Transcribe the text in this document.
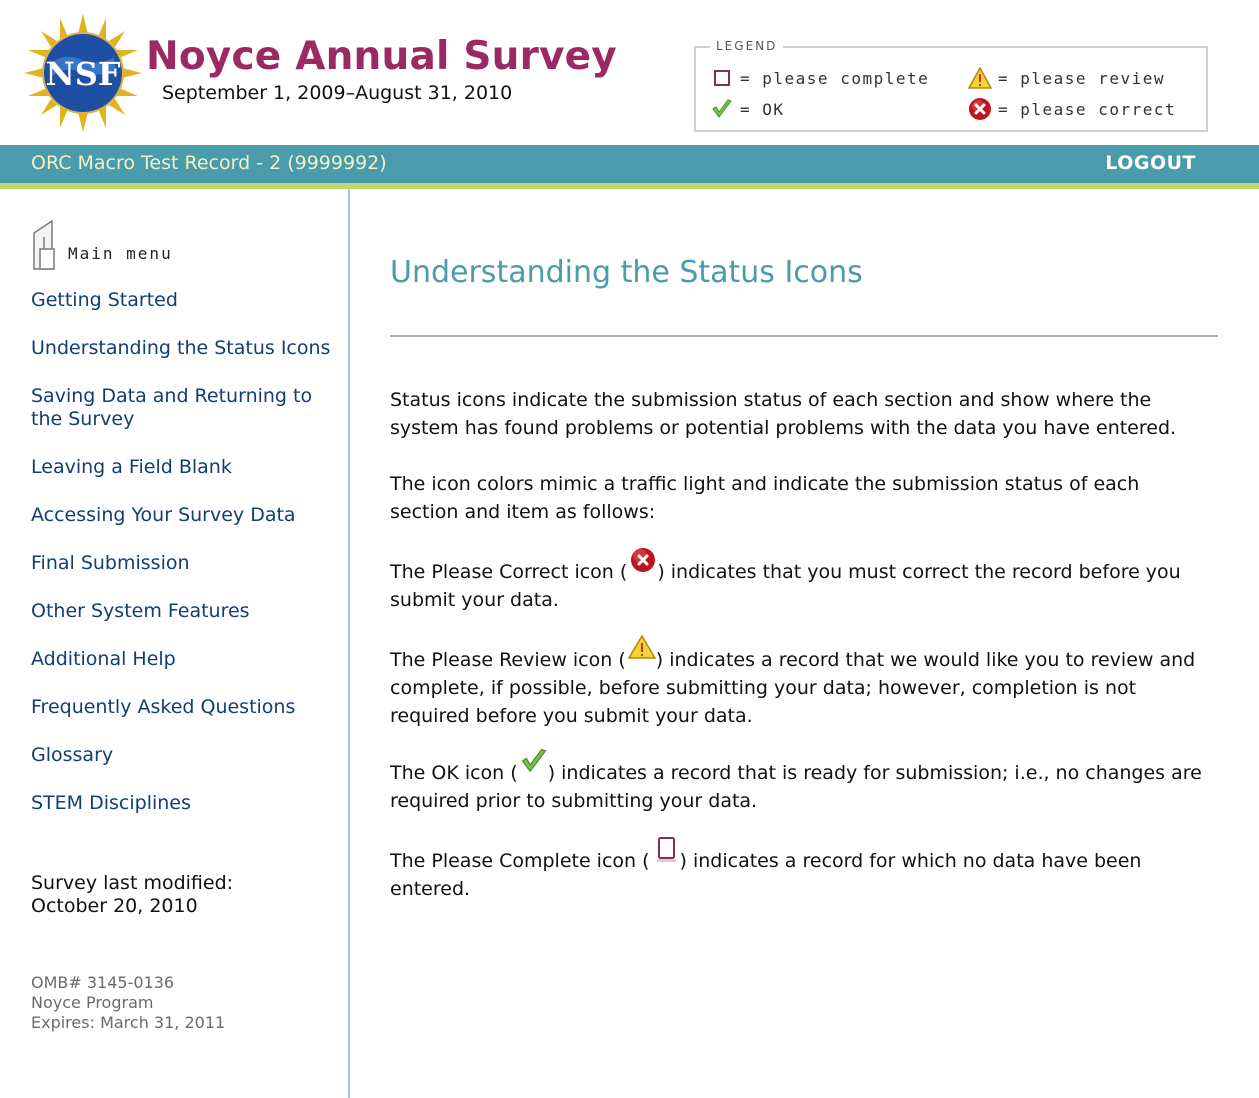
NSF Noyce Annual Survey
September 1, 2009–August 31, 2010
LEGEND
= please complete	= please review
= OK	= please correct
ORC Macro Test Record - 2 (9999992)	LOGOUT
Main menu
Getting Started
Understanding the Status Icons
Saving Data and Returning to the Survey
Leaving a Field Blank
Accessing Your Survey Data
Final Submission
Other System Features
Additional Help
Frequently Asked Questions
Glossary
STEM Disciplines
Survey last modified:
October 20, 2010
OMB# 3145-0136
Noyce Program
Expires: March 31, 2011
Understanding the Status Icons

Status icons indicate the submission status of each section and show where the system has found problems or potential problems with the data you have entered.

The icon colors mimic a traffic light and indicate the submission status of each section and item as follows:

The Please Correct icon ( ) indicates that you must correct the record before you submit your data.

The Please Review icon ( ) indicates a record that we would like you to review and complete, if possible, before submitting your data; however, completion is not required before you submit your data.

The OK icon ( ) indicates a record that is ready for submission; i.e., no changes are required prior to submitting your data.

The Please Complete icon ( ) indicates a record for which no data have been entered.
